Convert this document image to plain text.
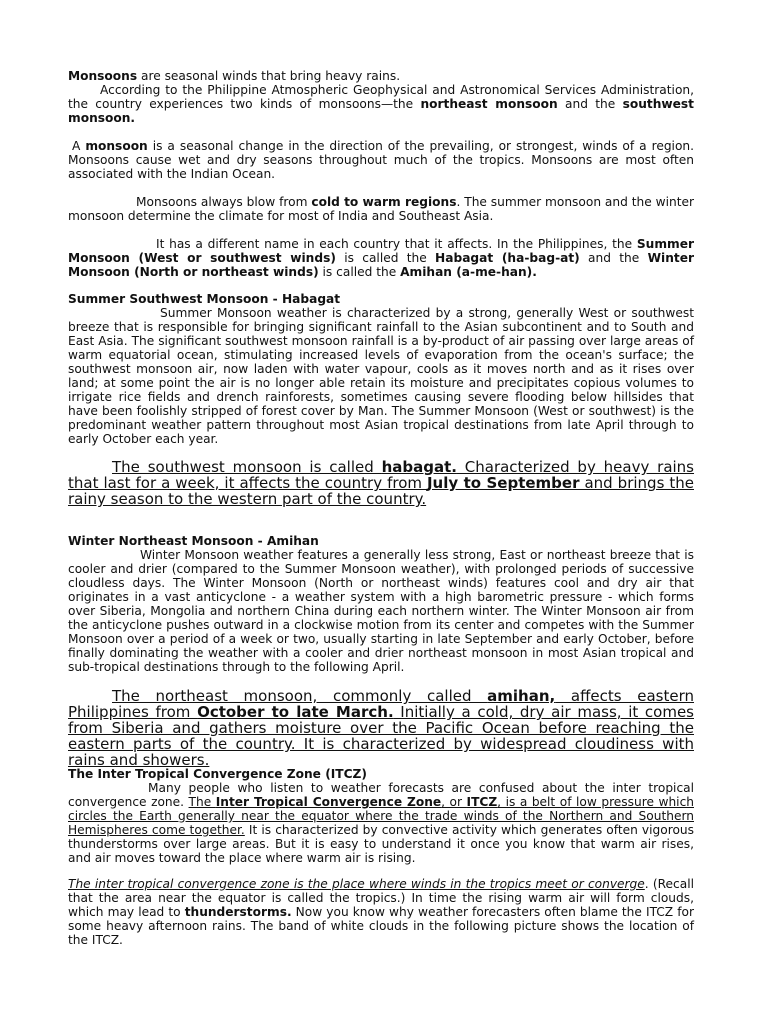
Monsoons are seasonal winds that bring heavy rains.

According to the Philippine Atmospheric Geophysical and Astronomical Services Administration, the country experiences two kinds of monsoons—the northeast monsoon and the southwest monsoon.

A monsoon is a seasonal change in the direction of the prevailing, or strongest, winds of a region. Monsoons cause wet and dry seasons throughout much of the tropics. Monsoons are most often associated with the Indian Ocean.

Monsoons always blow from cold to warm regions. The summer monsoon and the winter monsoon determine the climate for most of India and Southeast Asia.

It has a different name in each country that it affects. In the Philippines, the Summer Monsoon (West or southwest winds) is called the Habagat (ha-bag-at) and the Winter Monsoon (North or northeast winds) is called the Amihan (a-me-han).

Summer Southwest Monsoon - Habagat

Summer Monsoon weather is characterized by a strong, generally West or southwest breeze that is responsible for bringing significant rainfall to the Asian subcontinent and to South and East Asia. The significant southwest monsoon rainfall is a by-product of air passing over large areas of warm equatorial ocean, stimulating increased levels of evaporation from the ocean's surface; the southwest monsoon air, now laden with water vapour, cools as it moves north and as it rises over land; at some point the air is no longer able retain its moisture and precipitates copious volumes to irrigate rice fields and drench rainforests, sometimes causing severe flooding below hillsides that have been foolishly stripped of forest cover by Man. The Summer Monsoon (West or southwest) is the predominant weather pattern throughout most Asian tropical destinations from late April through to early October each year.

The southwest monsoon is called habagat. Characterized by heavy rains that last for a week, it affects the country from July to September and brings the rainy season to the western part of the country.

Winter Northeast Monsoon - Amihan

Winter Monsoon weather features a generally less strong, East or northeast breeze that is cooler and drier (compared to the Summer Monsoon weather), with prolonged periods of successive cloudless days. The Winter Monsoon (North or northeast winds) features cool and dry air that originates in a vast anticyclone - a weather system with a high barometric pressure - which forms over Siberia, Mongolia and northern China during each northern winter. The Winter Monsoon air from the anticyclone pushes outward in a clockwise motion from its center and competes with the Summer Monsoon over a period of a week or two, usually starting in late September and early October, before finally dominating the weather with a cooler and drier northeast monsoon in most Asian tropical and sub-tropical destinations through to the following April.

The northeast monsoon, commonly called amihan, affects eastern Philippines from October to late March. Initially a cold, dry air mass, it comes from Siberia and gathers moisture over the Pacific Ocean before reaching the eastern parts of the country. It is characterized by widespread cloudiness with rains and showers.

The Inter Tropical Convergence Zone (ITCZ)

Many people who listen to weather forecasts are confused about the inter tropical convergence zone. The Inter Tropical Convergence Zone, or ITCZ, is a belt of low pressure which circles the Earth generally near the equator where the trade winds of the Northern and Southern Hemispheres come together. It is characterized by convective activity which generates often vigorous thunderstorms over large areas. But it is easy to understand it once you know that warm air rises, and air moves toward the place where warm air is rising.

The inter tropical convergence zone is the place where winds in the tropics meet or converge. (Recall that the area near the equator is called the tropics.) In time the rising warm air will form clouds, which may lead to thunderstorms. Now you know why weather forecasters often blame the ITCZ for some heavy afternoon rains. The band of white clouds in the following picture shows the location of the ITCZ.
